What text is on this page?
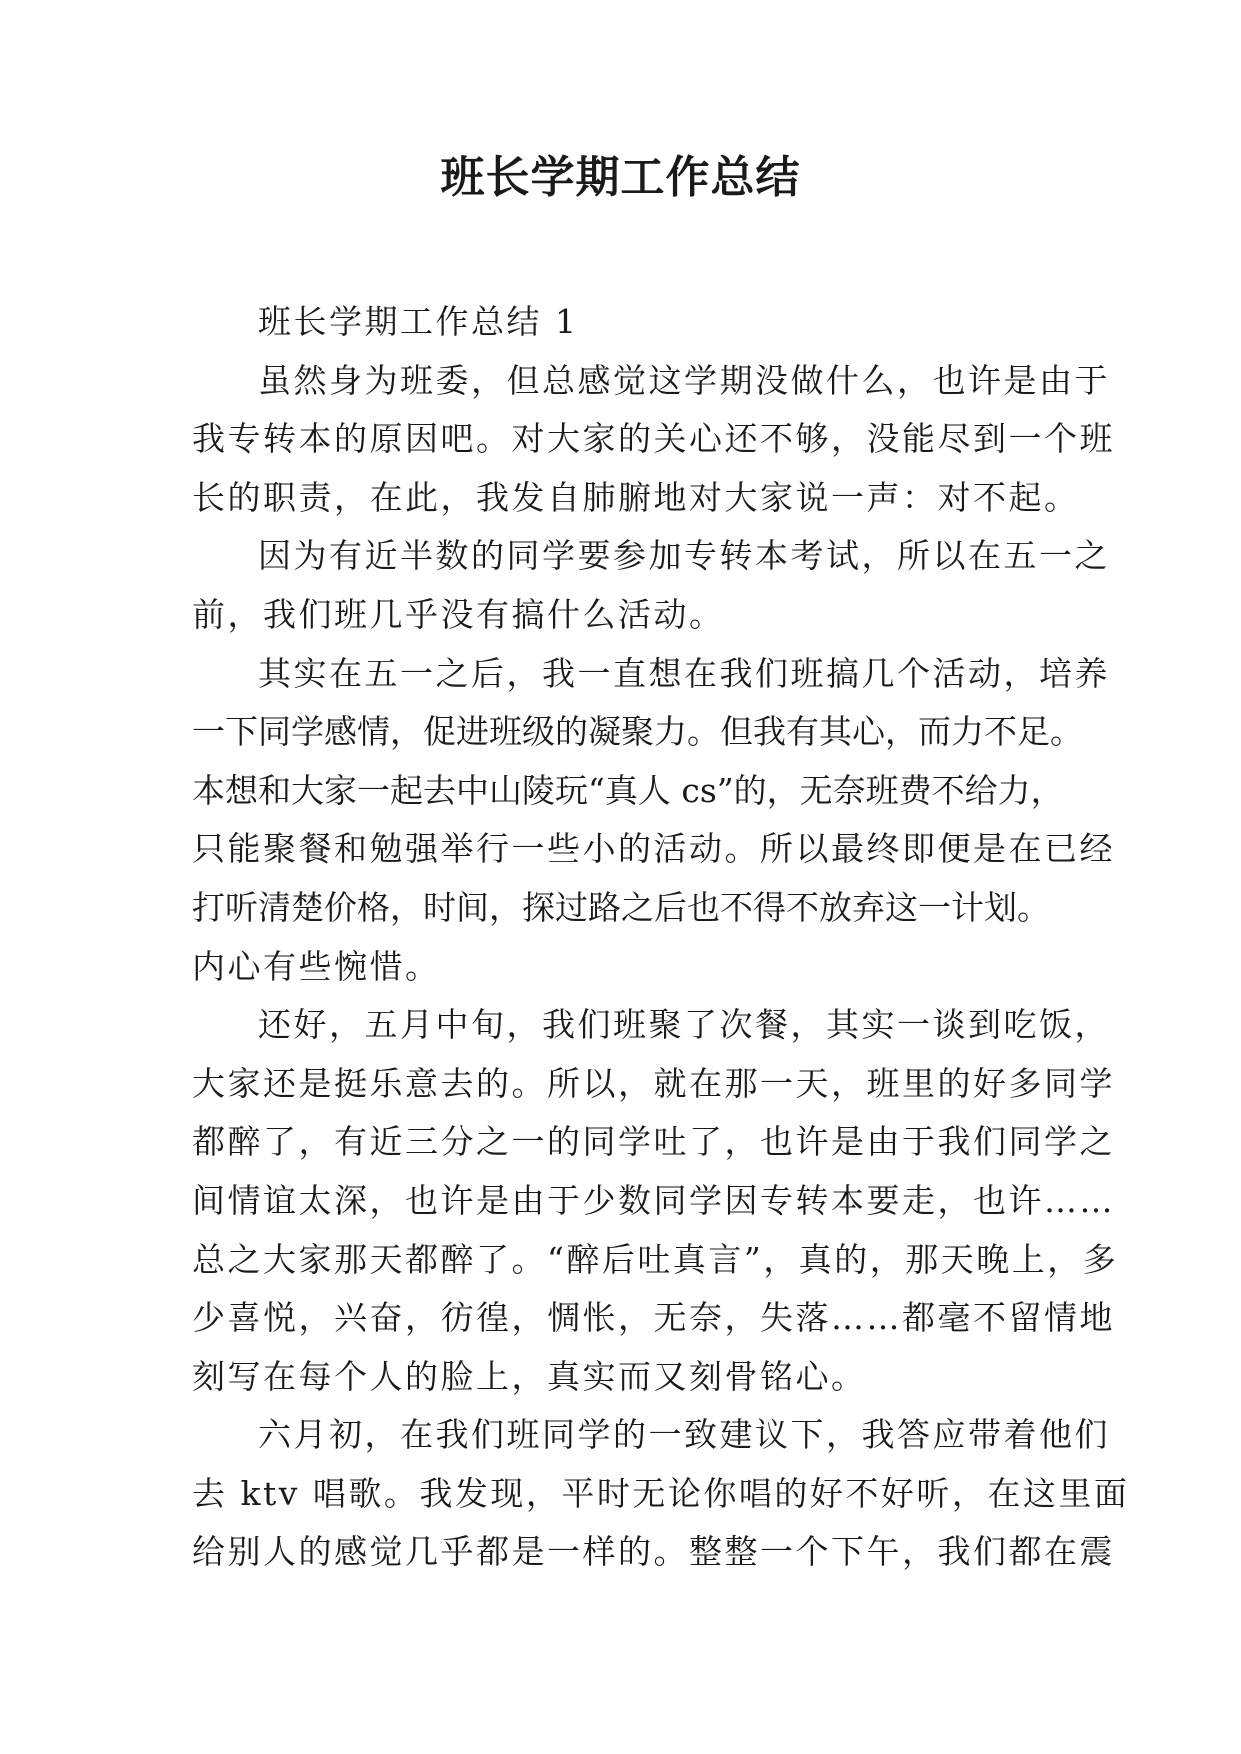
班长学期工作总结
班长学期工作总结 1
虽然身为班委，但总感觉这学期没做什么，也许是由于
我专转本的原因吧。对大家的关心还不够，没能尽到一个班
长的职责，在此，我发自肺腑地对大家说一声：对不起。
因为有近半数的同学要参加专转本考试，所以在五一之
前，我们班几乎没有搞什么活动。
其实在五一之后，我一直想在我们班搞几个活动，培养
一下同学感情，促进班级的凝聚力。但我有其心，而力不足。
本想和大家一起去中山陵玩“真人 cs”的，无奈班费不给力，
只能聚餐和勉强举行一些小的活动。所以最终即便是在已经
打听清楚价格，时间，探过路之后也不得不放弃这一计划。
内心有些惋惜。
还好，五月中旬，我们班聚了次餐，其实一谈到吃饭，
大家还是挺乐意去的。所以，就在那一天，班里的好多同学
都醉了，有近三分之一的同学吐了，也许是由于我们同学之
间情谊太深，也许是由于少数同学因专转本要走，也许……
总之大家那天都醉了。“醉后吐真言”，真的，那天晚上，多
少喜悦，兴奋，彷徨，惆怅，无奈，失落……都毫不留情地
刻写在每个人的脸上，真实而又刻骨铭心。
六月初，在我们班同学的一致建议下，我答应带着他们
去 ktv 唱歌。我发现，平时无论你唱的好不好听，在这里面
给别人的感觉几乎都是一样的。整整一个下午，我们都在震
